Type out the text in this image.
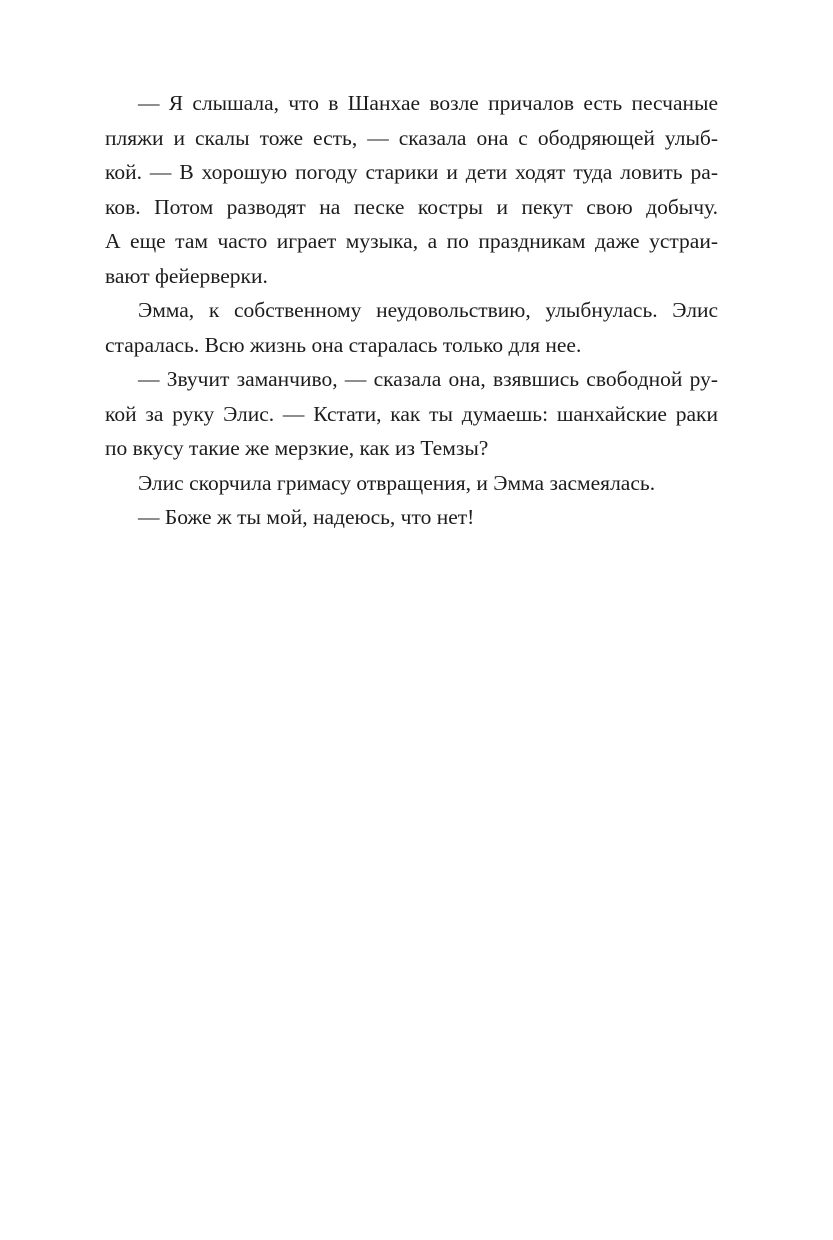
— Я слышала, что в Шанхае возле причалов есть песчаные

пляжи и скалы тоже есть, — сказала она с ободряющей улыб-

кой. — В хорошую погоду старики и дети ходят туда ловить ра-

ков. Потом разводят на песке костры и пекут свою добычу.

А еще там часто играет музыка, а по праздникам даже устраи-

вают фейерверки.

Эмма, к собственному неудовольствию, улыбнулась. Элис

старалась. Всю жизнь она старалась только для нее.

— Звучит заманчиво, — сказала она, взявшись свободной ру-

кой за руку Элис. — Кстати, как ты думаешь: шанхайские раки

по вкусу такие же мерзкие, как из Темзы?

Элис скорчила гримасу отвращения, и Эмма засмеялась.

— Боже ж ты мой, надеюсь, что нет!
